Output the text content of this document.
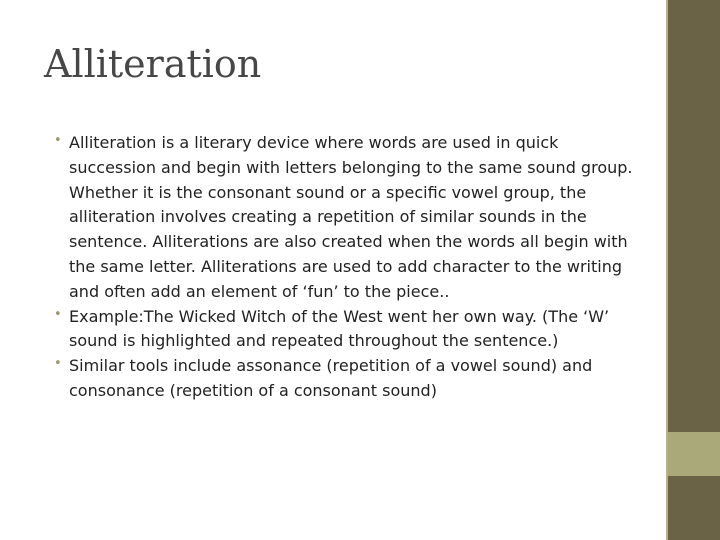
Alliteration
• Alliteration is a literary device where words are used in quick succession and begin with letters belonging to the same sound group. Whether it is the consonant sound or a specific vowel group, the alliteration involves creating a repetition of similar sounds in the sentence. Alliterations are also created when the words all begin with the same letter. Alliterations are used to add character to the writing and often add an element of ‘fun’ to the piece..
• Example:The Wicked Witch of the West went her own way. (The ‘W’ sound is highlighted and repeated throughout the sentence.)
• Similar tools include assonance (repetition of a vowel sound) and consonance (repetition of a consonant sound)
